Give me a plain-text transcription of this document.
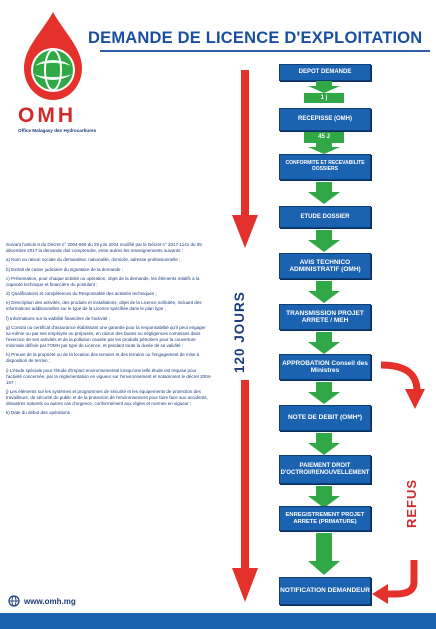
OMH
Office Malagasy des Hydrocarbures
DEMANDE DE LICENCE D'EXPLOITATION
120 JOURS
DEPOT DEMANDE
1 j
RECEPISSE (OMH)
45 J
CONFORMITE ET RECEVABILITE DOSSIERS
ETUDE DOSSIER
AVIS TECHNICO ADMINISTRATIF (OMH)
TRANSMISSION PROJET ARRETE / MEH
APPROBATION Conseil des Ministres
NOTE DE DEBIT (OMH*)
PAIEMENT DROIT D'OCTROI/RENOUVELLEMENT
ENREGISTREMENT PROJET ARRETE (PRIMATURE)
NOTIFICATION DEMANDEUR
REFUS

Suivant l'article 8 du Décret n° 2004-669 du 29 juin 2004 modifié par le Décret n° 2017-1141 du 05 décembre 2017 la demande doit comprendre, entre autres les renseignements suivants :

a) Nom ou raison sociale du demandeur, nationalité, domicile, adresse professionnelle ;

b) Extrait de casier judiciaire du signataire de la demande ;

c) Présentation, pour chaque activité ou opération, objet de la demande, les éléments relatifs à la capacité technique et financière du postulant ;

d) Qualifications et compétences du Responsable des activités techniques ;

e) Description des activités, des produits et installations, objet de la Licence sollicitée, incluant des informations additionnelles sur le type de la Licence spécifiée dans le plan type ;

f) Informations sur la viabilité financière de l'activité ;

g) Contrat ou certificat d'assurance établissant une garantie pour la responsabilité qu'il peut engager lui-même ou par ses employés ou préposés, en raison des fautes ou négligences commises dans l'exercice de ses activités et de la pollution causée par les produits pétroliers pour la couverture minimale définie par l'OMH par type de Licence, et pendant toute la durée de sa validité ;

h) Preuve de la propriété ou de la location des terrains et des terrains ou l'engagement de mise à disposition de terrain ;

i) L'étude spéciale pour l'étude d'impact environnemental lorsqu'une telle étude est requise pour l'activité concernée, par la réglementation en vigueur sur l'environnement et notamment le décret 2004-167 ;

j) Les éléments sur les systèmes et programmes de sécurité et les équipements de protection des travailleurs, de sécurité du public et de la protection de l'environnement pour faire face aux accidents, désastres naturels ou autres cas d'urgence, conformément aux règles et normes en vigueur ;

k) Date du début des opérations

www.omh.mg
